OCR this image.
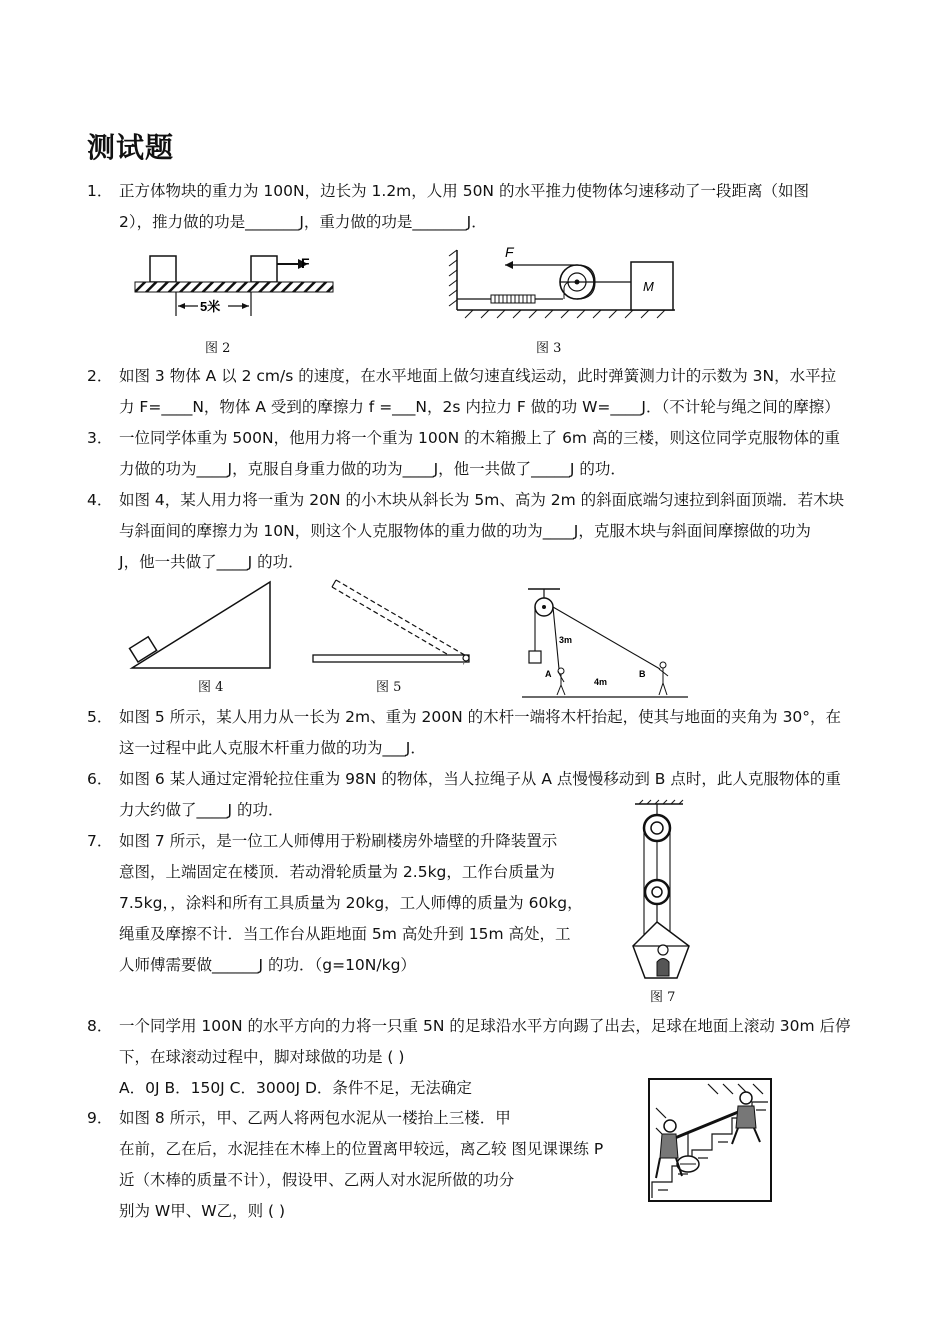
测试题
1． 正方体物块的重力为 100N，边长为 1.2m，人用 50N 的水平推力使物体匀速移动了一段距离（如图
2），推力做的功是_______J，重力做的功是_______J．
F
5米
图 2
F
M
图 3
2． 如图 3 物体 A 以 2 cm/s 的速度，在水平地面上做匀速直线运动，此时弹簧测力计的示数为 3N，水平拉
力 F=____N，物体 A 受到的摩擦力 f =___N，2s 内拉力 F 做的功 W=____J．（不计轮与绳之间的摩擦）
3． 一位同学体重为 500N，他用力将一个重为 100N 的木箱搬上了 6m 高的三楼，则这位同学克服物体的重
力做的功为____J，克服自身重力做的功为____J，他一共做了_____J 的功．
4． 如图 4，某人用力将一重为 20N 的小木块从斜长为 5m、高为 2m 的斜面底端匀速拉到斜面顶端．若木块
与斜面间的摩擦力为 10N，则这个人克服物体的重力做的功为____J，克服木块与斜面间摩擦做的功为
J，他一共做了____J 的功．
图 4	图 5
3m
A	B
4m
5． 如图 5 所示，某人用力从一长为 2m、重为 200N 的木杆一端将木杆抬起，使其与地面的夹角为 30°，在
这一过程中此人克服木杆重力做的功为___J．
6． 如图 6 某人通过定滑轮拉住重为 98N 的物体，当人拉绳子从 A 点慢慢移动到 B 点时，此人克服物体的重
力大约做了____J 的功．
7． 如图 7 所示，是一位工人师傅用于粉刷楼房外墙壁的升降装置示
意图，上端固定在楼顶．若动滑轮质量为 2.5kg，工作台质量为
7.5kg，，涂料和所有工具质量为 20kg，工人师傅的质量为 60kg，
绳重及摩擦不计．当工作台从距地面 5m 高处升到 15m 高处，工
人师傅需要做______J 的功．（g=10N/kg）
图 7
8． 一个同学用 100N 的水平方向的力将一只重 5N 的足球沿水平方向踢了出去，足球在地面上滚动 30m 后停
下，在球滚动过程中，脚对球做的功是 ( )
A．0J B．150J C．3000J D．条件不足，无法确定
9． 如图 8 所示，甲、乙两人将两包水泥从一楼抬上三楼．甲
在前，乙在后，水泥挂在木棒上的位置离甲较远，离乙较 图见课课练 P
近（木棒的质量不计），假设甲、乙两人对水泥所做的功分
别为 W甲、W乙，则 ( )
